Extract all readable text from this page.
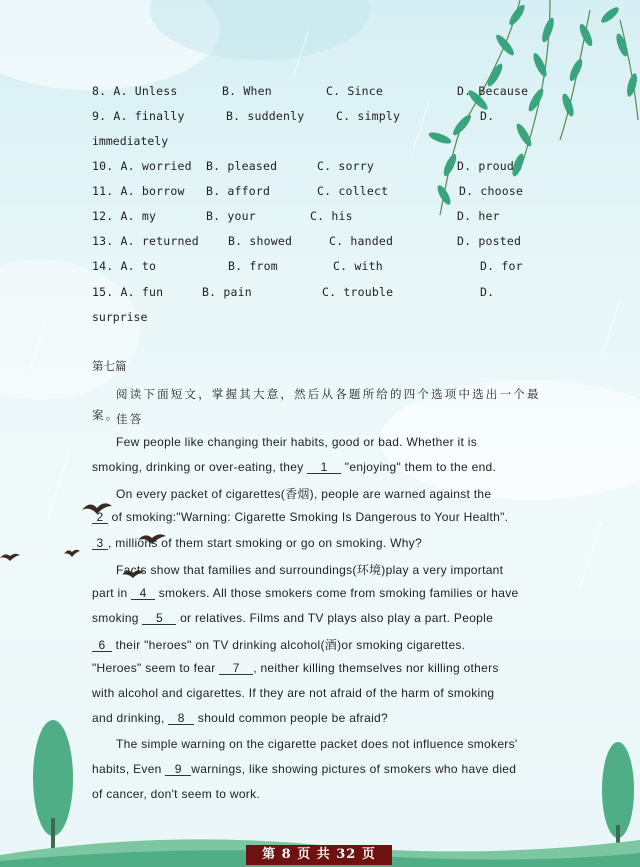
8. A. Unless	B. When	C. Since	D. Because
9. A. finally	B. suddenly	C. simply	D.
immediately
10. A. worried B. pleased	C. sorry	D. proud
11. A. borrow B. afford	C. collect	D. choose
12. A. my	B. your	C. his	D. her
13. A. returned	B. showed	C. handed	D. posted
14. A. to	B. from	C. with	D. for
15. A. fun	B. pain	C. trouble	D.
surprise
第七篇
阅读下面短文，掌握其大意，然后从各题所给的四个选项中选出一个最佳答
案。
Few people like changing their habits, good or bad. Whether it is
smoking, drinking or over-eating, they 1 "enjoying" them to the end.
On every packet of cigarettes(香烟), people are warned against the
2 of smoking:"Warning: Cigarette Smoking Is Dangerous to Your Health".
3 , millions of them start smoking or go on smoking. Why?
Facts show that families and surroundings(环境)play a very important
part in 4 smokers. All those smokers come from smoking families or have
smoking 5 or relatives. Films and TV plays also play a part. People
6 their "heroes" on TV drinking alcohol(酒)or smoking cigarettes.
"Heroes" seem to fear 7 , neither killing themselves nor killing others
with alcohol and cigarettes. If they are not afraid of the harm of smoking
and drinking, 8 should common people be afraid?
The simple warning on the cigarette packet does not influence smokers'
habits, Even 9 warnings, like showing pictures of smokers who have died
of cancer, don't seem to work.
第 8 页 共 32 页
